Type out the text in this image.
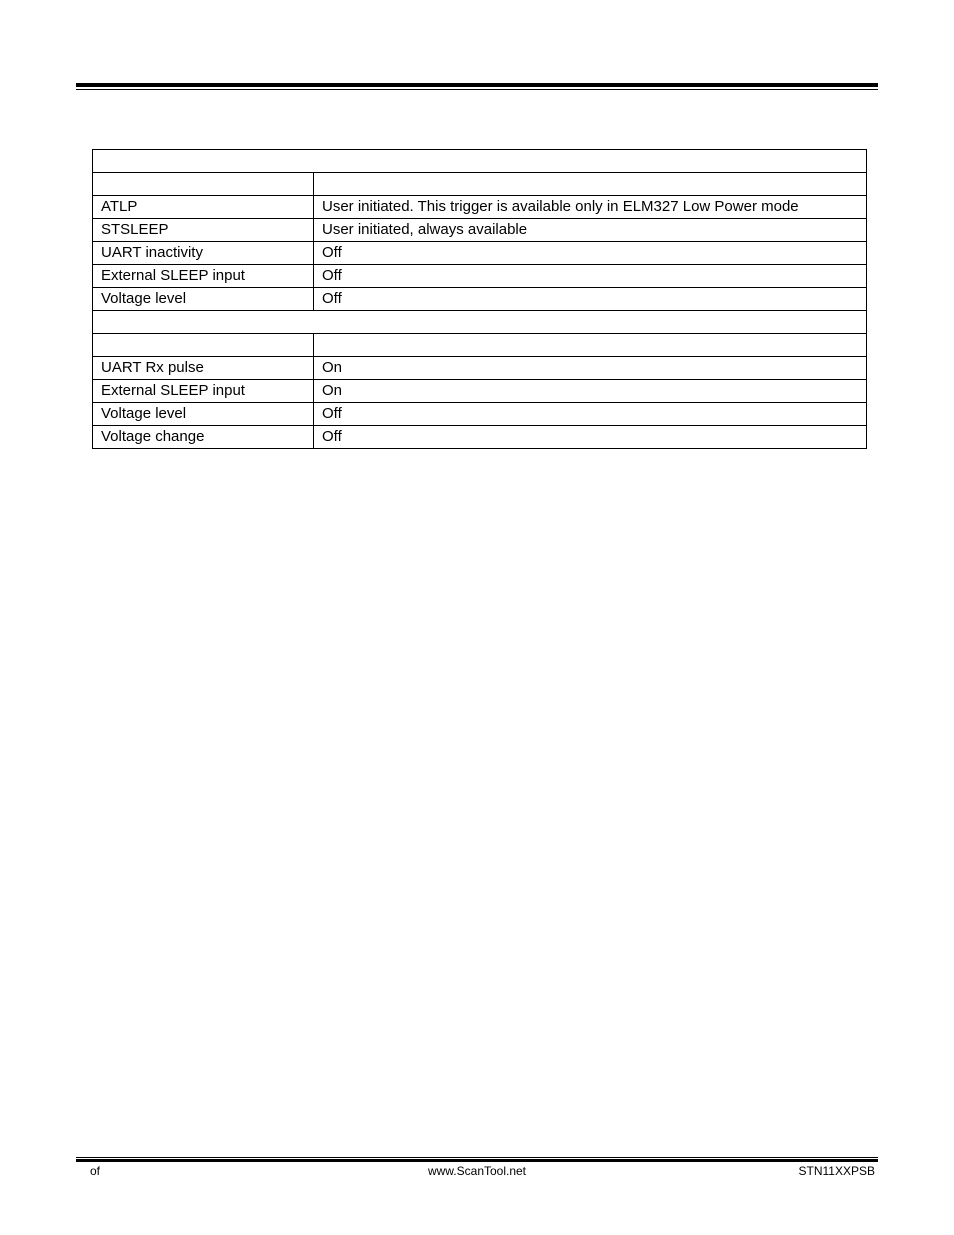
ATLP	User initiated. This trigger is available only in ELM327 Low Power mode
STSLEEP	User initiated, always available
UART inactivity	Off
External SLEEP input	Off
Voltage level	Off

UART Rx pulse	On
External SLEEP input	On
Voltage level	Off
Voltage change	Off
of	www.ScanTool.net	STN11XXPSB
